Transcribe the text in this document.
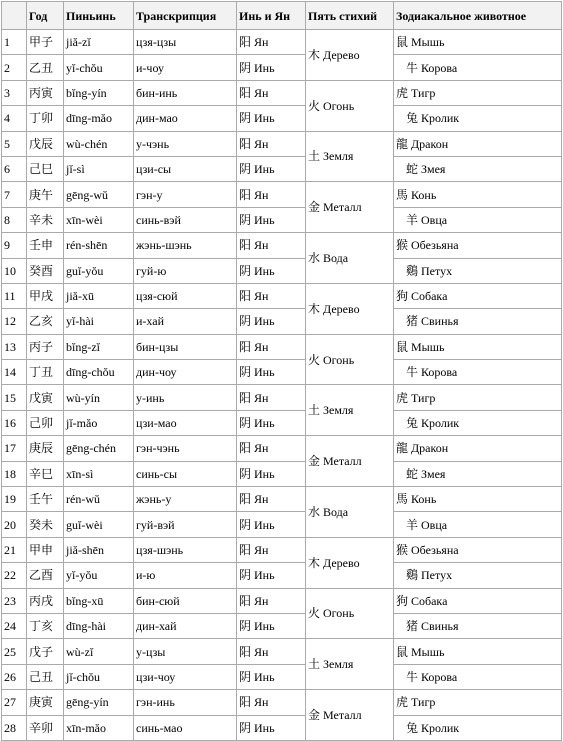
	Год	Пиньинь	Транскрипция	Инь и Ян	Пять стихий	Зодиакальное животное
1	甲子	jiă-zĭ	цзя-цзы	阳 Ян	木 Дерево	鼠 Мышь
2	乙丑	yĭ-chŏu	и-чоу	阴 Инь		牛 Корова
3	丙寅	bĭng-yín	бин-инь	阳 Ян	火 Огонь	虎 Тигр
4	丁卯	dīng-măo	дин-мао	阴 Инь		兔 Кролик
5	戊辰	wù-chén	у-чэнь	阳 Ян	土 Земля	龍 Дракон
6	己巳	jĭ-sì	цзи-сы	阴 Инь		蛇 Змея
7	庚午	gēng-wŭ	гэн-у	阳 Ян	金 Металл	馬 Конь
8	辛未	xīn-wèi	синь-вэй	阴 Инь		羊 Овца
9	壬申	rén-shēn	жэнь-шэнь	阳 Ян	水 Вода	猴 Обезьяна
10	癸酉	guĭ-yŏu	гуй-ю	阴 Инь		鷄 Петух
11	甲戌	jiă-xū	цзя-сюй	阳 Ян	木 Дерево	狗 Собака
12	乙亥	yĭ-hài	и-хай	阴 Инь		猪 Свинья
13	丙子	bĭng-zĭ	бин-цзы	阳 Ян	火 Огонь	鼠 Мышь
14	丁丑	dīng-chŏu	дин-чоу	阴 Инь		牛 Корова
15	戊寅	wù-yín	у-инь	阳 Ян	土 Земля	虎 Тигр
16	己卯	jĭ-măo	цзи-мао	阴 Инь		兔 Кролик
17	庚辰	gēng-chén	гэн-чэнь	阳 Ян	金 Металл	龍 Дракон
18	辛巳	xīn-sì	синь-сы	阴 Инь		蛇 Змея
19	壬午	rén-wŭ	жэнь-у	阳 Ян	水 Вода	馬 Конь
20	癸未	guĭ-wèi	гуй-вэй	阴 Инь		羊 Овца
21	甲申	jiă-shēn	цзя-шэнь	阳 Ян	木 Дерево	猴 Обезьяна
22	乙酉	yĭ-yŏu	и-ю	阴 Инь		鷄 Петух
23	丙戌	bĭng-xū	бин-сюй	阳 Ян	火 Огонь	狗 Собака
24	丁亥	dīng-hài	дин-хай	阴 Инь		猪 Свинья
25	戊子	wù-zĭ	у-цзы	阳 Ян	土 Земля	鼠 Мышь
26	己丑	jĭ-chŏu	цзи-чоу	阴 Инь		牛 Корова
27	庚寅	gēng-yín	гэн-инь	阳 Ян	金 Металл	虎 Тигр
28	辛卯	xīn-măo	синь-мао	阴 Инь		兔 Кролик
